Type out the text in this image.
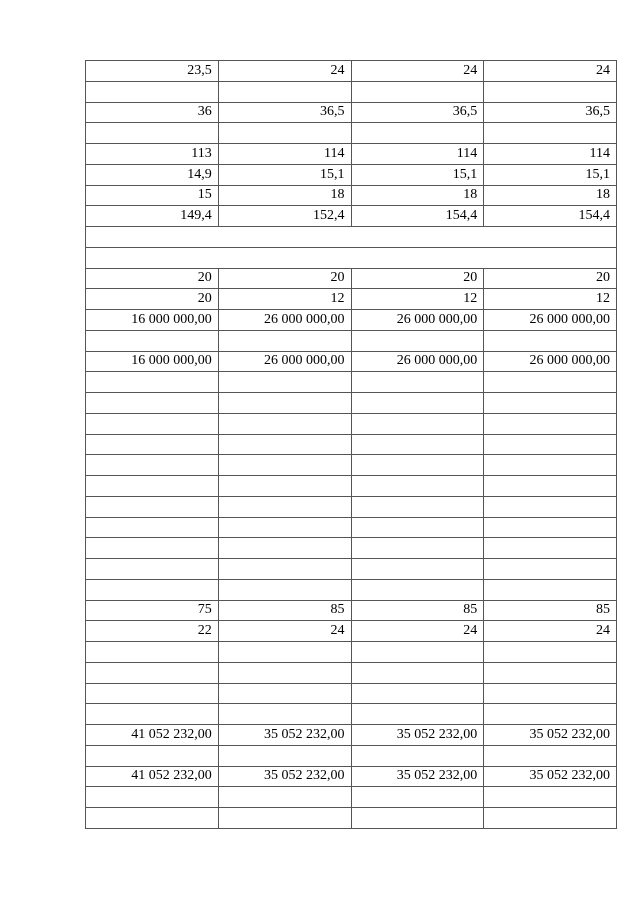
23,5	24	24	24

36	36,5	36,5	36,5

113	114	114	114
14,9	15,1	15,1	15,1
15	18	18	18
149,4	152,4	154,4	154,4

20	20	20	20
20	12	12	12
16 000 000,00	26 000 000,00	26 000 000,00	26 000 000,00

16 000 000,00	26 000 000,00	26 000 000,00	26 000 000,00

75	85	85	85
22	24	24	24

41 052 232,00	35 052 232,00	35 052 232,00	35 052 232,00

41 052 232,00	35 052 232,00	35 052 232,00	35 052 232,00
